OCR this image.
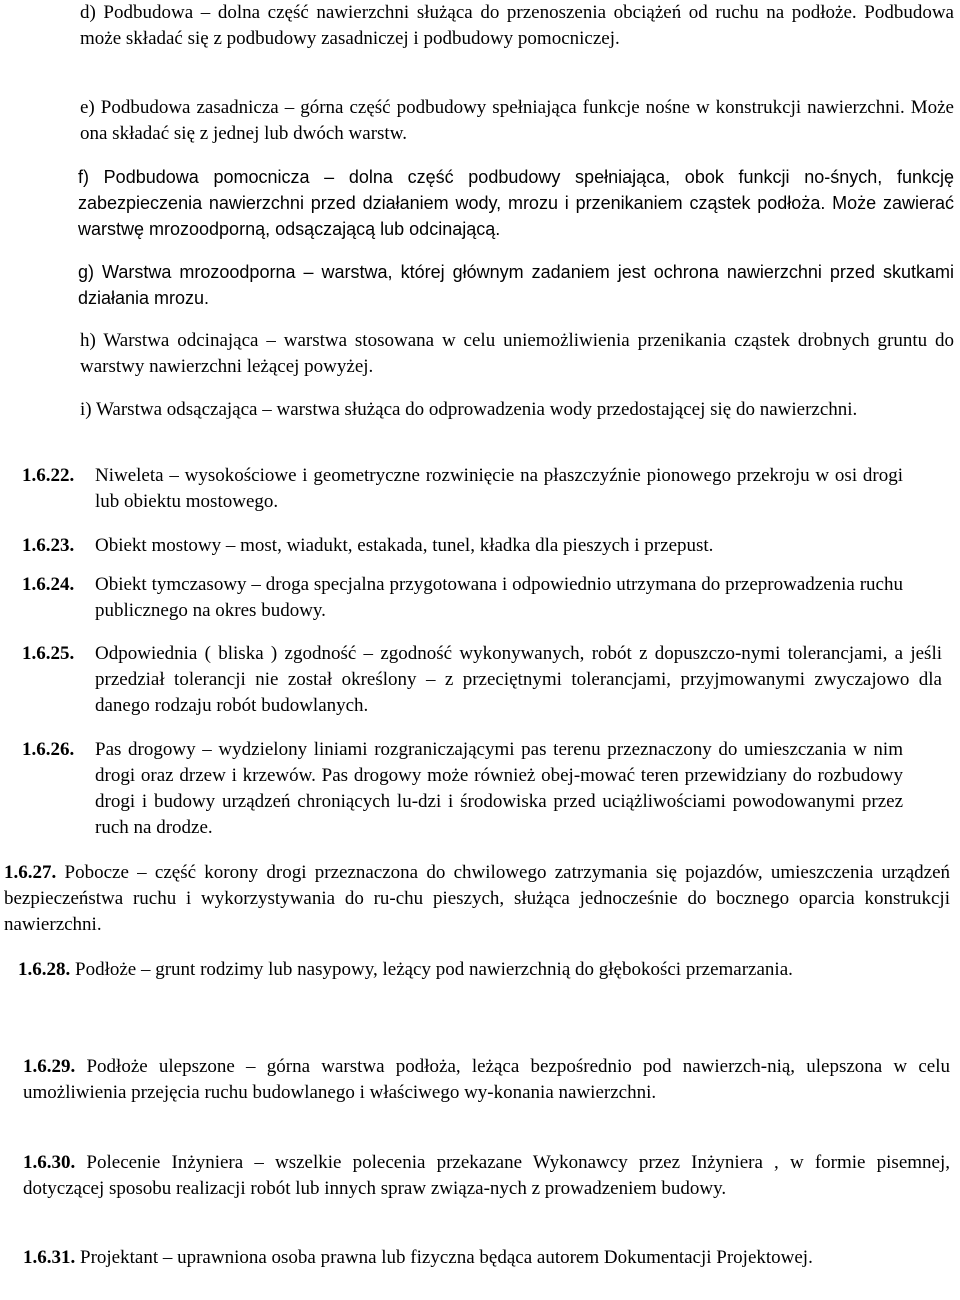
d) Podbudowa – dolna część nawierzchni służąca do przenoszenia obciążeń od ruchu na podłoże. Podbudowa może składać się z podbudowy zasadniczej i podbudowy pomocniczej.

e) Podbudowa zasadnicza – górna część podbudowy spełniająca funkcje nośne w konstrukcji nawierzchni. Może ona składać się z jednej lub dwóch warstw.

f) Podbudowa pomocnicza – dolna część podbudowy spełniająca, obok funkcji no-śnych, funkcję zabezpieczenia nawierzchni przed działaniem wody, mrozu i przenikaniem cząstek podłoża. Może zawierać warstwę mrozoodporną, odsączającą lub odcinającą.

g) Warstwa mrozoodporna – warstwa, której głównym zadaniem jest ochrona nawierzchni przed skutkami działania mrozu.

h) Warstwa odcinająca – warstwa stosowana w celu uniemożliwienia przenikania cząstek drobnych gruntu do warstwy nawierzchni leżącej powyżej.

i) Warstwa odsączająca – warstwa służąca do odprowadzenia wody przedostającej się do nawierzchni.

1.6.22. Niweleta – wysokościowe i geometryczne rozwinięcie na płaszczyźnie pionowego przekroju w osi drogi lub obiektu mostowego.
1.6.23. Obiekt mostowy – most, wiadukt, estakada, tunel, kładka dla pieszych i przepust.
1.6.24. Obiekt tymczasowy – droga specjalna przygotowana i odpowiednio utrzymana do przeprowadzenia ruchu publicznego na okres budowy.
1.6.25. Odpowiednia ( bliska ) zgodność – zgodność wykonywanych, robót z dopuszczo-nymi tolerancjami, a jeśli przedział tolerancji nie został określony – z przeciętnymi tolerancjami, przyjmowanymi zwyczajowo dla danego rodzaju robót budowlanych.
1.6.26. Pas drogowy – wydzielony liniami rozgraniczającymi pas terenu przeznaczony do umieszczania w nim drogi oraz drzew i krzewów. Pas drogowy może również obej-mować teren przewidziany do rozbudowy drogi i budowy urządzeń chroniących lu-dzi i środowiska przed uciążliwościami powodowanymi przez ruch na drodze.

1.6.27. Pobocze – część korony drogi przeznaczona do chwilowego zatrzymania się pojazdów, umieszczenia urządzeń bezpieczeństwa ruchu i wykorzystywania do ru-chu pieszych, służąca jednocześnie do bocznego oparcia konstrukcji nawierzchni.

1.6.28. Podłoże – grunt rodzimy lub nasypowy, leżący pod nawierzchnią do głębokości przemarzania.

1.6.29. Podłoże ulepszone – górna warstwa podłoża, leżąca bezpośrednio pod nawierzch-nią, ulepszona w celu umożliwienia przejęcia ruchu budowlanego i właściwego wy-konania nawierzchni.

1.6.30. Polecenie Inżyniera – wszelkie polecenia przekazane Wykonawcy przez Inżyniera , w formie pisemnej, dotyczącej sposobu realizacji robót lub innych spraw związa-nych z prowadzeniem budowy.

1.6.31. Projektant – uprawniona osoba prawna lub fizyczna będąca autorem Dokumentacji Projektowej.
